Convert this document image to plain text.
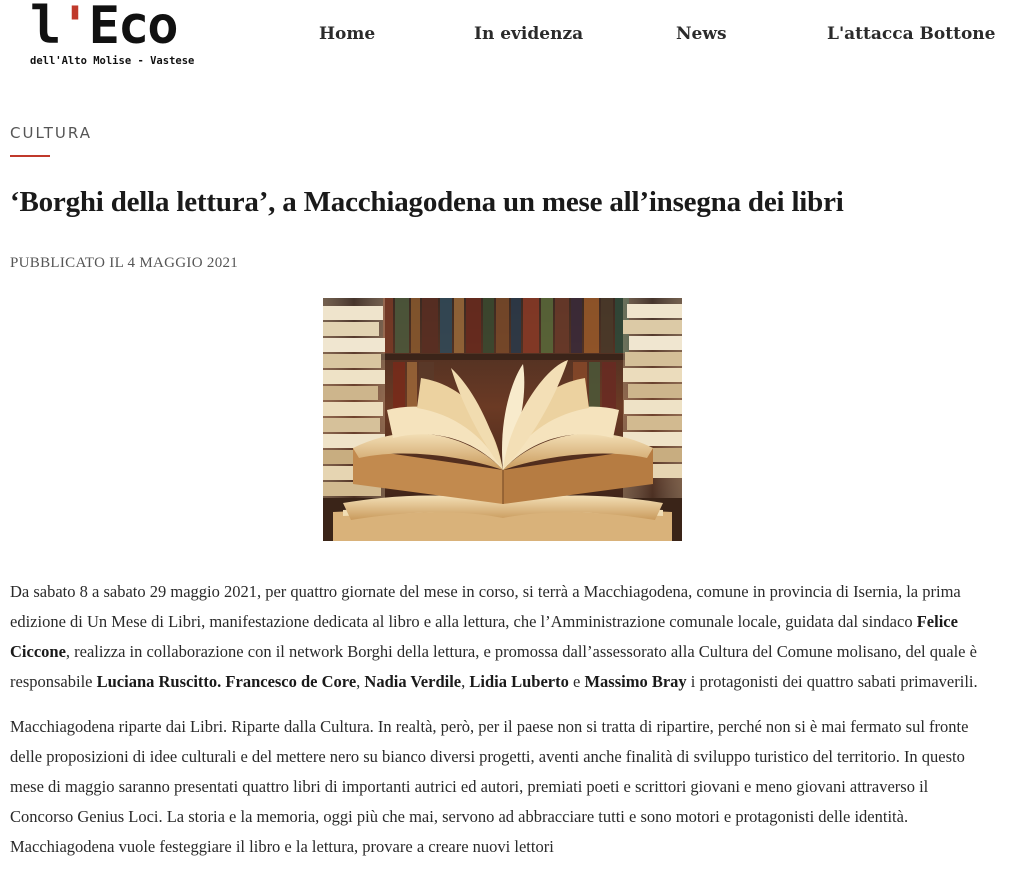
l'Eco
dell'Alto Molise - Vastese
Home	In evidenza	News	L'attacca Bottone
CULTURA
‘Borghi della lettura’, a Macchiagodena un mese all’insegna dei libri
PUBBLICATO IL 4 MAGGIO 2021

Da sabato 8 a sabato 29 maggio 2021, per quattro giornate del mese in corso, si terrà a Macchiagodena, comune in provincia di Isernia, la prima edizione di Un Mese di Libri, manifestazione dedicata al libro e alla lettura, che l’Amministrazione comunale locale, guidata dal sindaco Felice Ciccone, realizza in collaborazione con il network Borghi della lettura, e promossa dall’assessorato alla Cultura del Comune molisano, del quale è responsabile Luciana Ruscitto. Francesco de Core, Nadia Verdile, Lidia Luberto e Massimo Bray i protagonisti dei quattro sabati primaverili.

Macchiagodena riparte dai Libri. Riparte dalla Cultura. In realtà, però, per il paese non si tratta di ripartire, perché non si è mai fermato sul fronte delle proposizioni di idee culturali e del mettere nero su bianco diversi progetti, aventi anche finalità di sviluppo turistico del territorio. In questo mese di maggio saranno presentati quattro libri di importanti autrici ed autori, premiati poeti e scrittori giovani e meno giovani attraverso il Concorso Genius Loci. La storia e la memoria, oggi più che mai, servono ad abbracciare tutti e sono motori e protagonisti delle identità. Macchiagodena vuole festeggiare il libro e la lettura, provare a creare nuovi lettori
